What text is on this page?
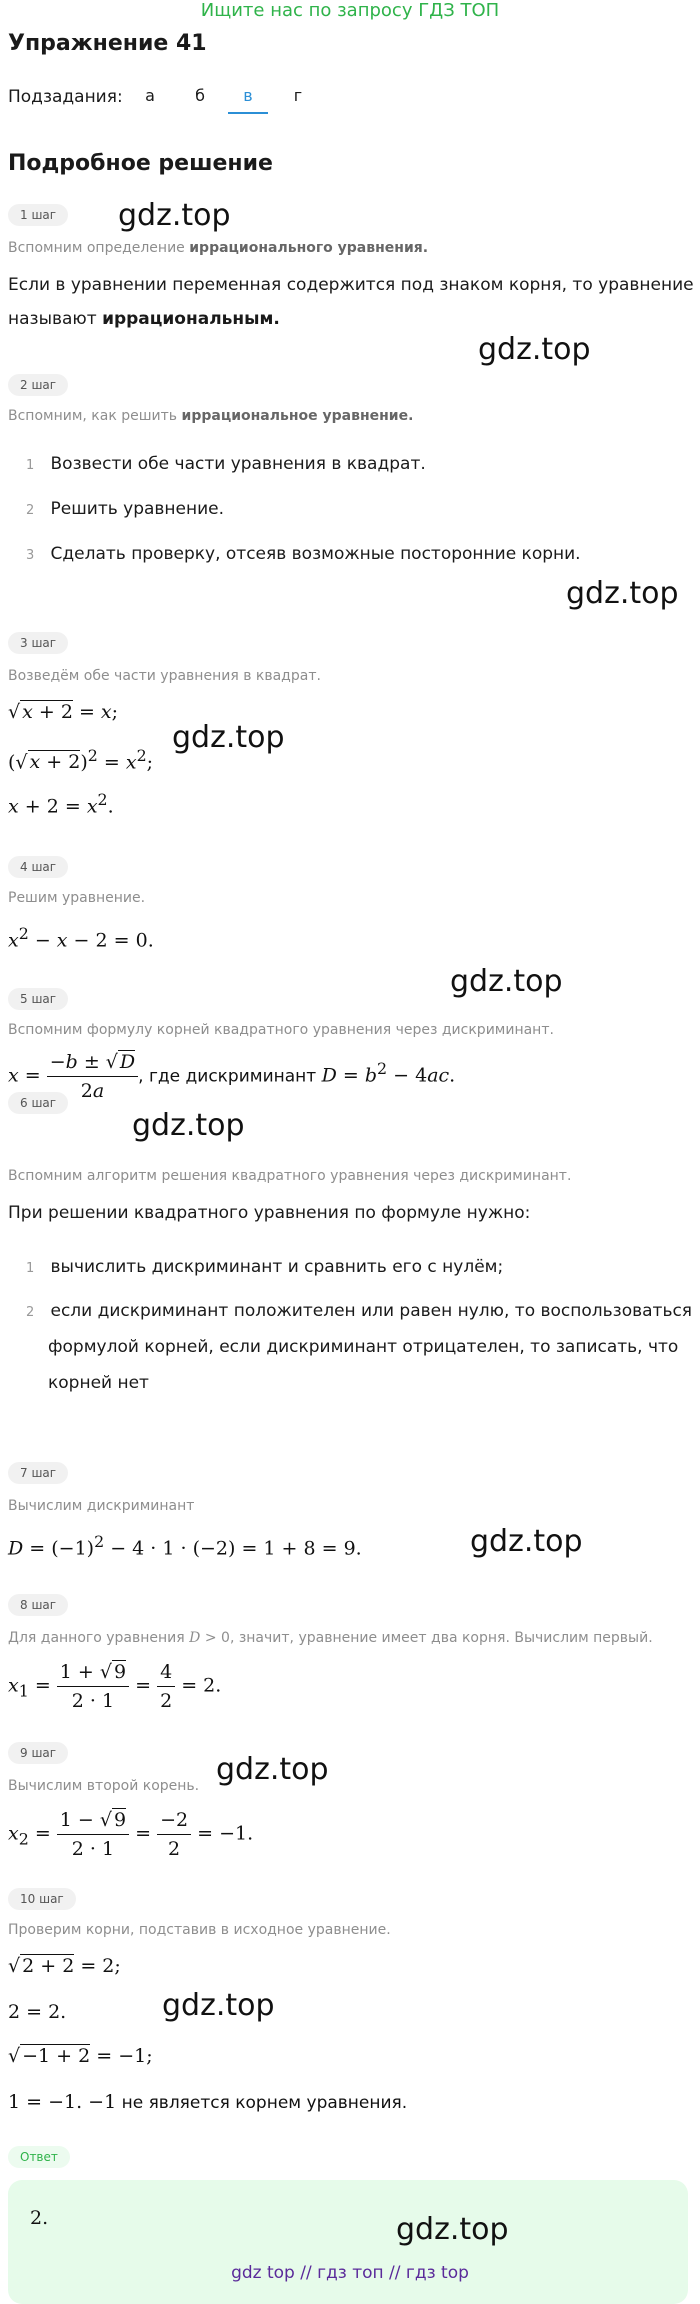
Ищите нас по запросу ГДЗ ТОП
Упражнение 41
Подзадания:	а	б	в	г
Подробное решение
1 шаг	gdz.top
Вспомним определение иррационального уравнения.
Если в уравнении переменная содержится под знаком корня, то уравнение
называют иррациональным.
gdz.top
2 шаг
Вспомним, как решить иррациональное уравнение.
1 Возвести обе части уравнения в квадрат.
2 Решить уравнение.
3 Сделать проверку, отсеяв возможные посторонние корни.
gdz.top
3 шаг
Возведём обе части уравнения в квадрат.
√ x + 2 = x;
(√ $x + 2)^2 = x^2$;
gdz.top
$x + 2 = x^2$.
4 шаг
Решим уравнение.
$x^2 - x - 2 = 0$.
gdz.top
5 шаг
Вспомним формулу корней квадратного уравнения через дискриминант.
$x = \frac{-b \pm √ D}{2a}$ , где дискриминант $D = b^2 - 4ac$.
gdz.top
6 шаг
Вспомним алгоритм решения квадратного уравнения через дискриминант.
При решении квадратного уравнения по формуле нужно:
1 вычислить дискриминант и сравнить его с нулём;
2 если дискриминант положителен или равен нулю, то воспользоваться
формулой корней, если дискриминант отрицателен, то записать, что
корней нет
7 шаг
Вычислим дискриминант
$D = (-1)^2 - 4 \cdot 1 \cdot (-2) = 1 + 8 = 9$.	gdz.top
8 шаг
Для данного уравнения D > 0, значит, уравнение имеет два корня. Вычислим первый.
$x_1 = \frac{1 + √ 9}{2 \cdot 1} = \frac{4}{2} = 2$.
9 шаг	gdz.top
Вычислим второй корень.
$x_2 = \frac{1 - √ 9}{2 \cdot 1} = \frac{-2}{2} = -1$.
10 шаг
Проверим корни, подставив в исходное уравнение.
√ 2 + 2 = 2;
2 = 2.	gdz.top
√ −1 + 2 = −1;
1 = −1. −1 не является корнем уравнения.
Ответ
2.	gdz.top
gdz top // гдз топ // гдз top
